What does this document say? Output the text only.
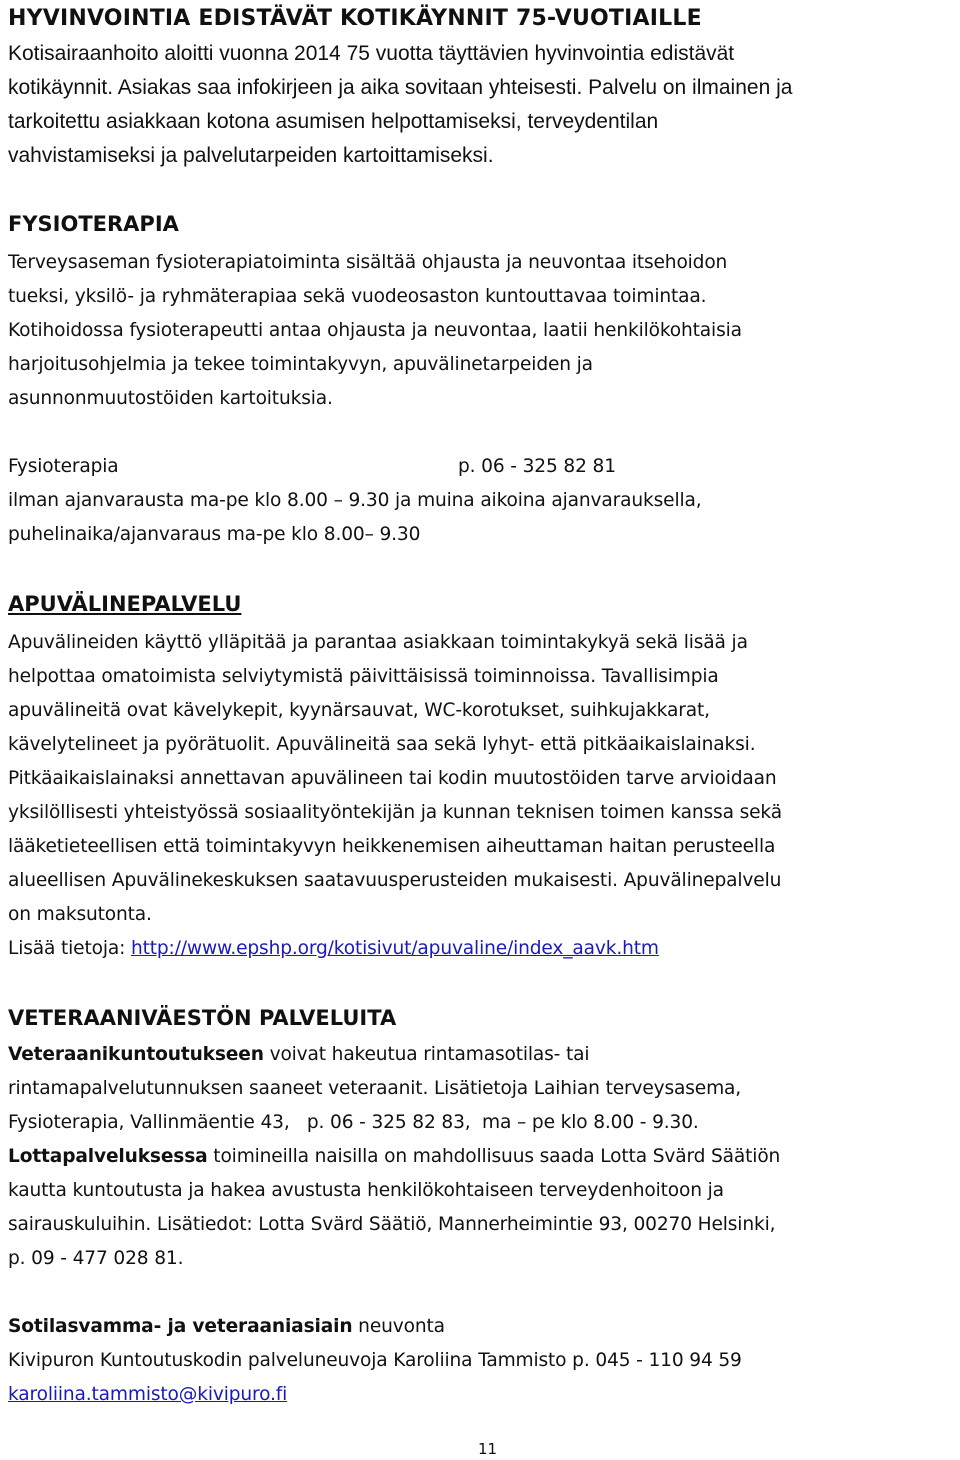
HYVINVOINTIA EDISTÄVÄT KOTIKÄYNNIT 75-VUOTIAILLE
Kotisairaanhoito aloitti vuonna 2014 75 vuotta täyttävien hyvinvointia edistävät
kotikäynnit. Asiakas saa infokirjeen ja aika sovitaan yhteisesti. Palvelu on ilmainen ja
tarkoitettu asiakkaan kotona asumisen helpottamiseksi, terveydentilan
vahvistamiseksi ja palvelutarpeiden kartoittamiseksi.
FYSIOTERAPIA
Terveysaseman fysioterapiatoiminta sisältää ohjausta ja neuvontaa itsehoidon
tueksi, yksilö- ja ryhmäterapiaa sekä vuodeosaston kuntouttavaa toimintaa.
Kotihoidossa fysioterapeutti antaa ohjausta ja neuvontaa, laatii henkilökohtaisia
harjoitusohjelmia ja tekee toimintakyvyn, apuvälinetarpeiden ja
asunnonmuutostöiden kartoituksia.
Fysioterapia	p. 06 - 325 82 81
ilman ajanvarausta ma-pe klo 8.00 – 9.30 ja muina aikoina ajanvarauksella,
puhelinaika/ajanvaraus ma-pe klo 8.00– 9.30
APUVÄLINEPALVELU
Apuvälineiden käyttö ylläpitää ja parantaa asiakkaan toimintakykyä sekä lisää ja
helpottaa omatoimista selviytymistä päivittäisissä toiminnoissa. Tavallisimpia
apuvälineitä ovat kävelykepit, kyynärsauvat, WC-korotukset, suihkujakkarat,
kävelytelineet ja pyörätuolit. Apuvälineitä saa sekä lyhyt- että pitkäaikaislainaksi.
Pitkäaikaislainaksi annettavan apuvälineen tai kodin muutostöiden tarve arvioidaan
yksilöllisesti yhteistyössä sosiaalityöntekijän ja kunnan teknisen toimen kanssa sekä
lääketieteellisen että toimintakyvyn heikkenemisen aiheuttaman haitan perusteella
alueellisen Apuvälinekeskuksen saatavuusperusteiden mukaisesti. Apuvälinepalvelu
on maksutonta.
Lisää tietoja: http://www.epshp.org/kotisivut/apuvaline/index_aavk.htm
VETERAANIVÄESTÖN PALVELUITA
Veteraanikuntoutukseen voivat hakeutua rintamasotilas- tai
rintamapalvelutunnuksen saaneet veteraanit. Lisätietoja Laihian terveysasema,
Fysioterapia, Vallinmäentie 43,   p. 06 - 325 82 83,  ma – pe klo 8.00 - 9.30.
Lottapalveluksessa toimineilla naisilla on mahdollisuus saada Lotta Svärd Säätiön
kautta kuntoutusta ja hakea avustusta henkilökohtaiseen terveydenhoitoon ja
sairauskuluihin. Lisätiedot: Lotta Svärd Säätiö, Mannerheimintie 93, 00270 Helsinki,
p. 09 - 477 028 81.
Sotilasvamma- ja veteraaniasiain neuvonta
Kivipuron Kuntoutuskodin palveluneuvoja Karoliina Tammisto p. 045 - 110 94 59
karoliina.tammisto@kivipuro.fi
11
